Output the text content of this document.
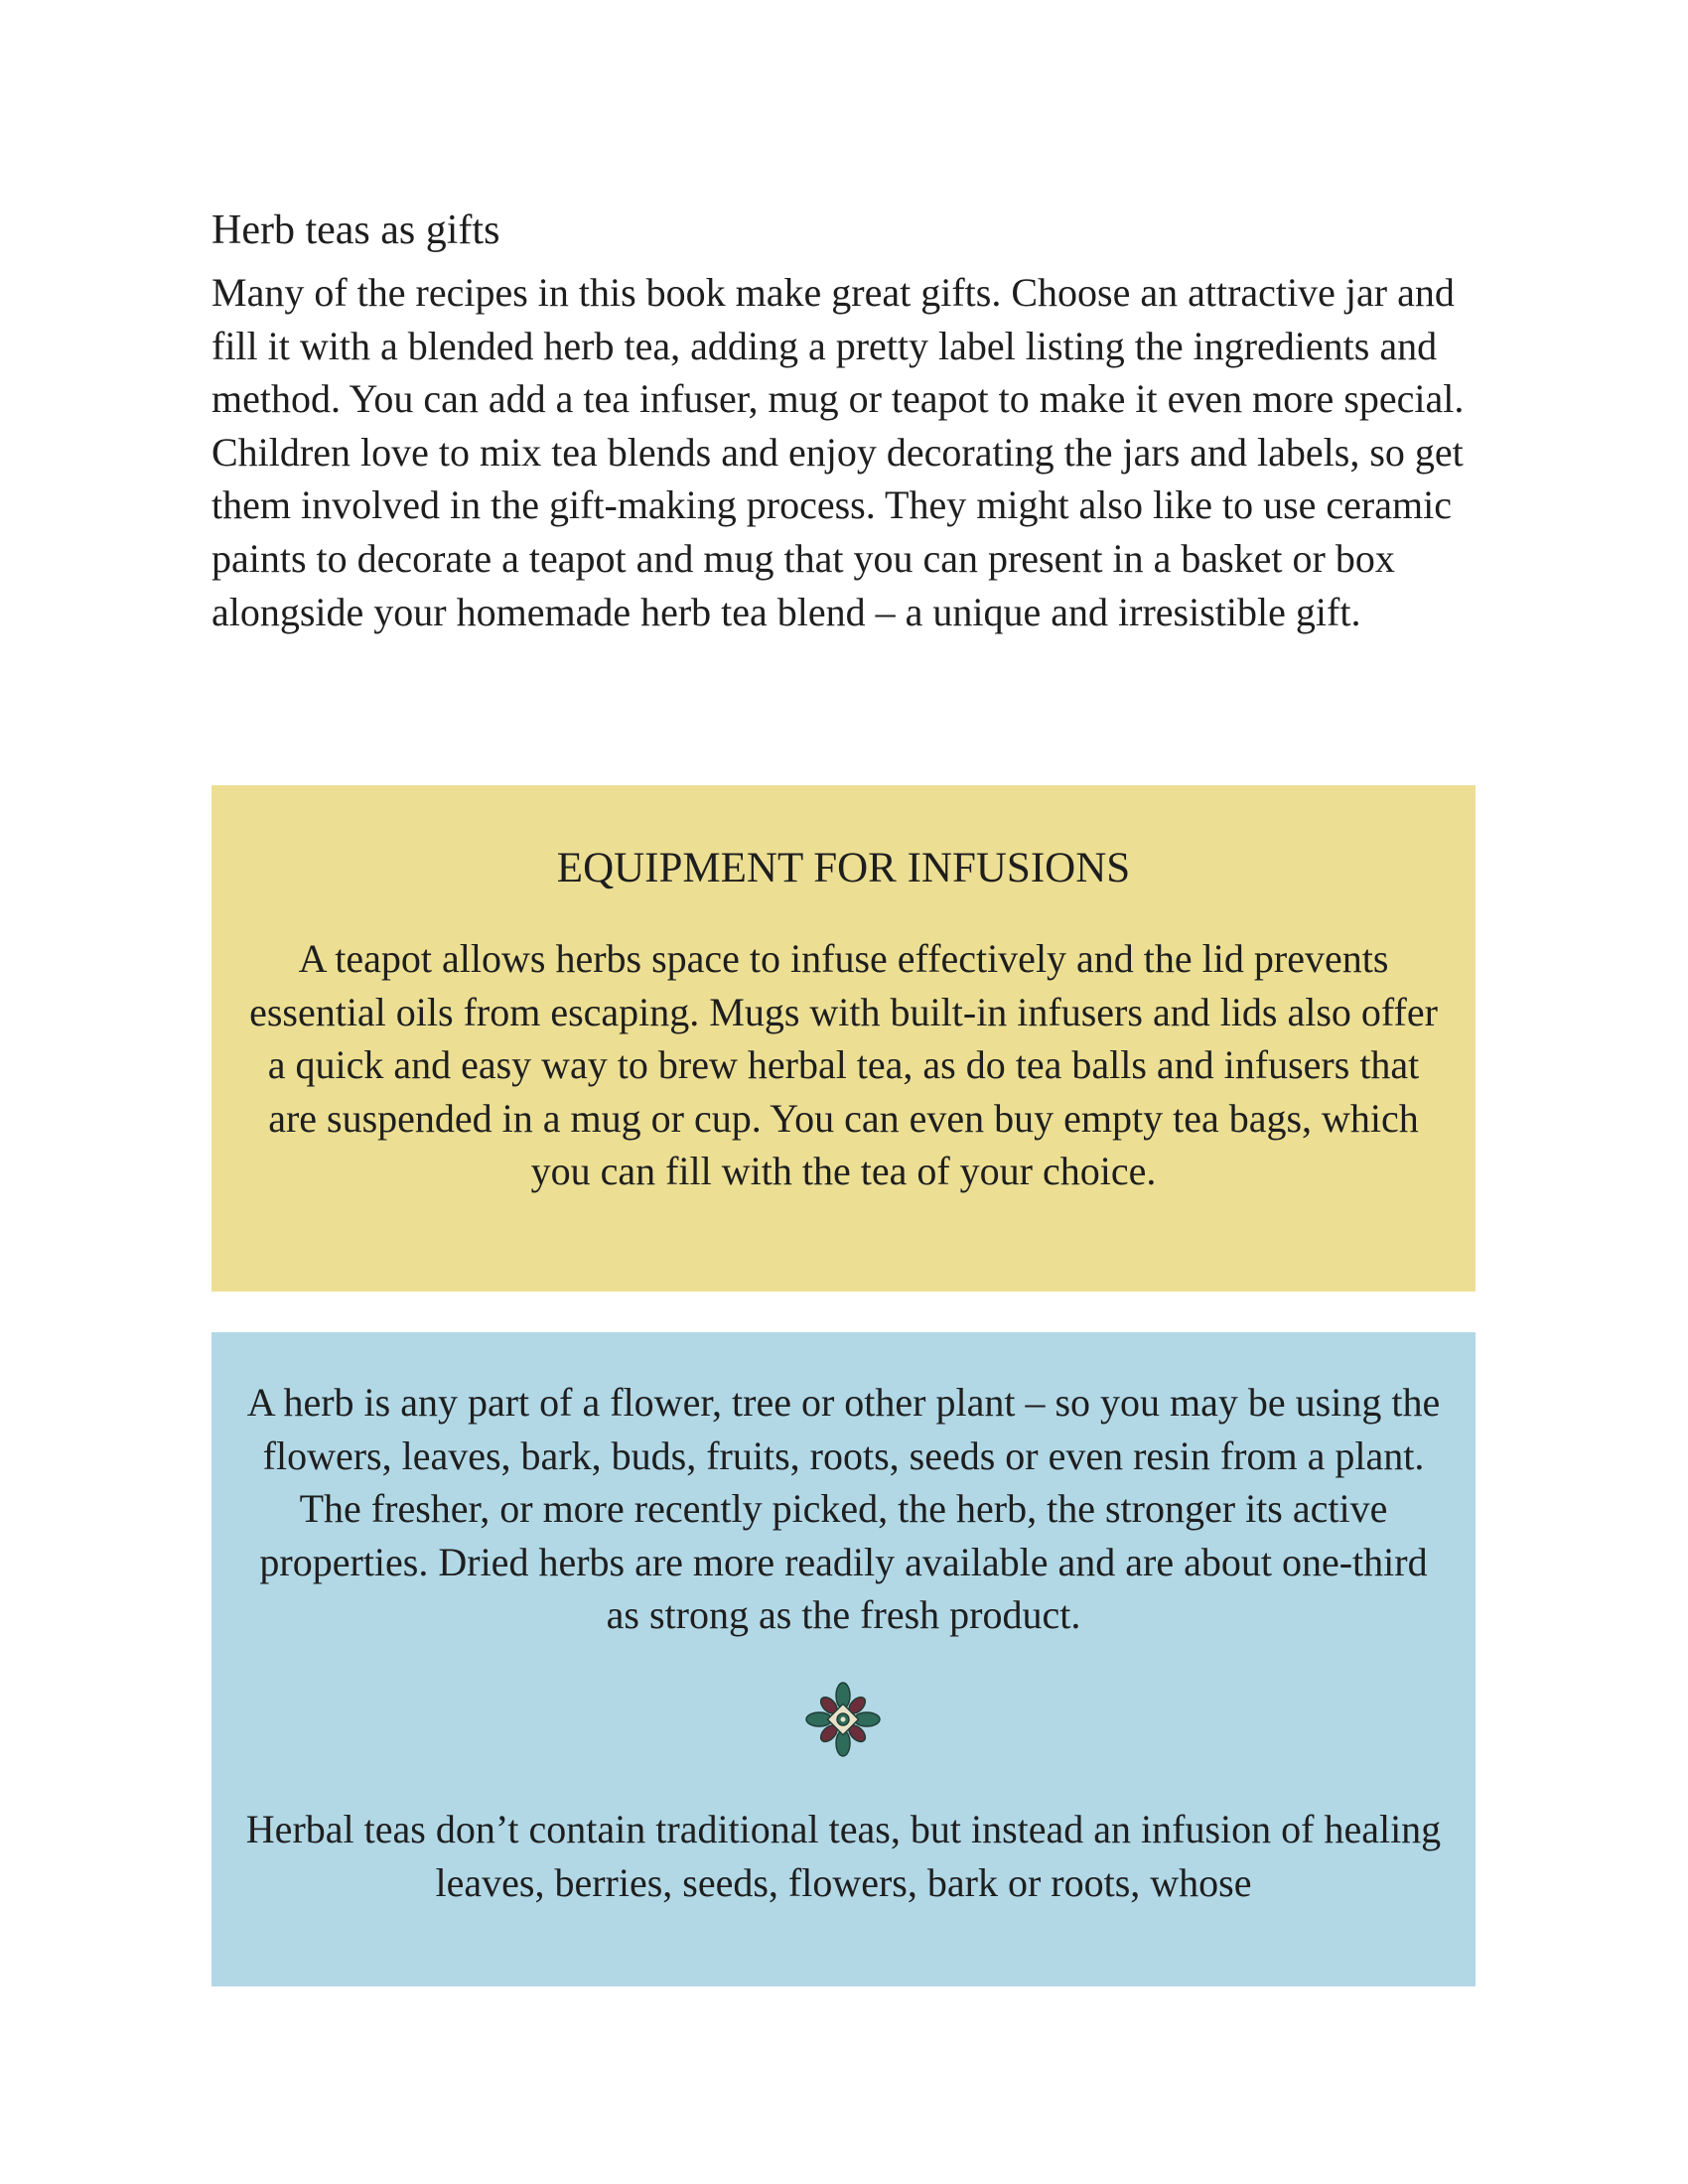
Herb teas as gifts

Many of the recipes in this book make great gifts. Choose an attractive jar and fill it with a blended herb tea, adding a pretty label listing the ingredients and method. You can add a tea infuser, mug or teapot to make it even more special. Children love to mix tea blends and enjoy decorating the jars and labels, so get them involved in the gift-making process. They might also like to use ceramic paints to decorate a teapot and mug that you can present in a basket or box alongside your homemade herb tea blend – a unique and irresistible gift.

EQUIPMENT FOR INFUSIONS

A teapot allows herbs space to infuse effectively and the lid prevents essential oils from escaping. Mugs with built-in infusers and lids also offer a quick and easy way to brew herbal tea, as do tea balls and infusers that are suspended in a mug or cup. You can even buy empty tea bags, which you can fill with the tea of your choice.

A herb is any part of a flower, tree or other plant – so you may be using the flowers, leaves, bark, buds, fruits, roots, seeds or even resin from a plant. The fresher, or more recently picked, the herb, the stronger its active properties. Dried herbs are more readily available and are about one-third as strong as the fresh product.

Herbal teas don’t contain traditional teas, but instead an infusion of healing leaves, berries, seeds, flowers, bark or roots, whose
